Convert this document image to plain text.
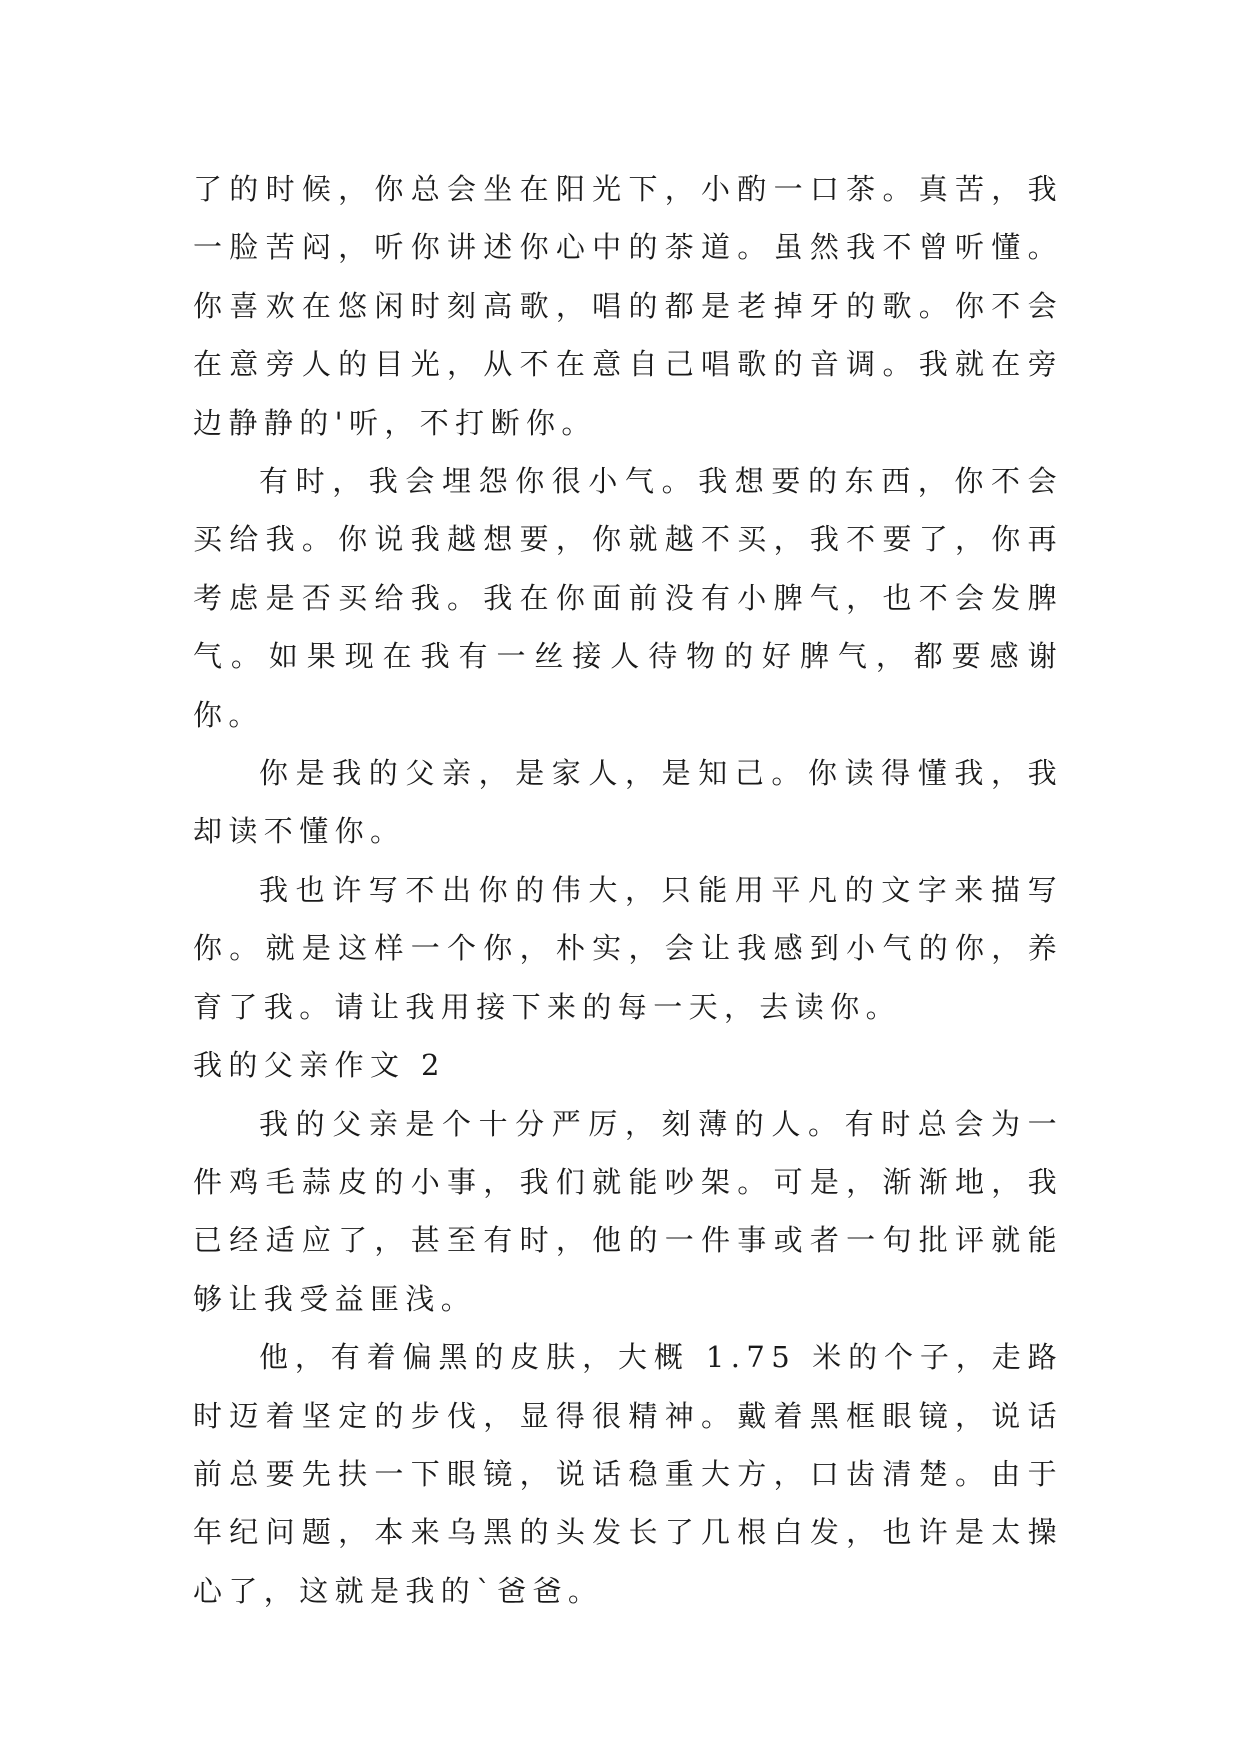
了的时候，你总会坐在阳光下，小酌一口茶。真苦，我一脸苦闷，听你讲述你心中的茶道。虽然我不曾听懂。你喜欢在悠闲时刻高歌，唱的都是老掉牙的歌。你不会在意旁人的目光，从不在意自己唱歌的音调。我就在旁边静静的'听，不打断你。

有时，我会埋怨你很小气。我想要的东西，你不会买给我。你说我越想要，你就越不买，我不要了，你再考虑是否买给我。我在你面前没有小脾气，也不会发脾气。如果现在我有一丝接人待物的好脾气，都要感谢你。

你是我的父亲，是家人，是知己。你读得懂我，我却读不懂你。

我也许写不出你的伟大，只能用平凡的文字来描写你。就是这样一个你，朴实，会让我感到小气的你，养育了我。请让我用接下来的每一天，去读你。

我的父亲作文 2

我的父亲是个十分严厉，刻薄的人。有时总会为一件鸡毛蒜皮的小事，我们就能吵架。可是，渐渐地，我已经适应了，甚至有时，他的一件事或者一句批评就能够让我受益匪浅。

他，有着偏黑的皮肤，大概 1.75 米的个子，走路时迈着坚定的步伐，显得很精神。戴着黑框眼镜，说话前总要先扶一下眼镜，说话稳重大方，口齿清楚。由于年纪问题，本来乌黑的头发长了几根白发，也许是太操心了，这就是我的`爸爸。
